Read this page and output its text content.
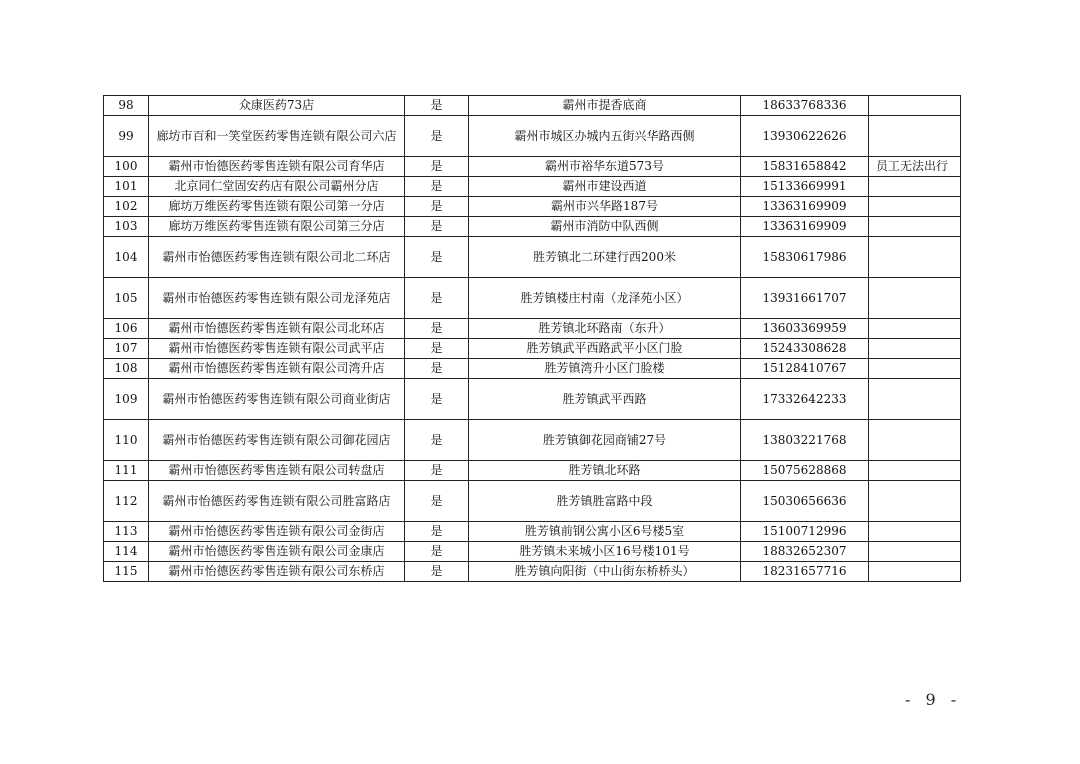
98	众康医药73店	是	霸州市提香底商	18633768336	
99	廊坊市百和一笑堂医药零售连锁有限公司六店	是	霸州市城区办城内五街兴华路西侧	13930622626	
100	霸州市怡德医药零售连锁有限公司育华店	是	霸州市裕华东道573号	15831658842	员工无法出行
101	北京同仁堂固安药店有限公司霸州分店	是	霸州市建设西道	15133669991	
102	廊坊万维医药零售连锁有限公司第一分店	是	霸州市兴华路187号	13363169909	
103	廊坊万维医药零售连锁有限公司第三分店	是	霸州市消防中队西侧	13363169909	
104	霸州市怡德医药零售连锁有限公司北二环店	是	胜芳镇北二环建行西200米	15830617986	
105	霸州市怡德医药零售连锁有限公司龙泽苑店	是	胜芳镇楼庄村南（龙泽苑小区）	13931661707	
106	霸州市怡德医药零售连锁有限公司北环店	是	胜芳镇北环路南（东升）	13603369959	
107	霸州市怡德医药零售连锁有限公司武平店	是	胜芳镇武平西路武平小区门脸	15243308628	
108	霸州市怡德医药零售连锁有限公司湾升店	是	胜芳镇湾升小区门脸楼	15128410767	
109	霸州市怡德医药零售连锁有限公司商业街店	是	胜芳镇武平西路	17332642233	
110	霸州市怡德医药零售连锁有限公司御花园店	是	胜芳镇御花园商铺27号	13803221768	
111	霸州市怡德医药零售连锁有限公司转盘店	是	胜芳镇北环路	15075628868	
112	霸州市怡德医药零售连锁有限公司胜富路店	是	胜芳镇胜富路中段	15030656636	
113	霸州市怡德医药零售连锁有限公司金街店	是	胜芳镇前钢公寓小区6号楼5室	15100712996	
114	霸州市怡德医药零售连锁有限公司金康店	是	胜芳镇未来城小区16号楼101号	18832652307	
115	霸州市怡德医药零售连锁有限公司东桥店	是	胜芳镇向阳街（中山街东桥桥头）	18231657716	
- 9 -
